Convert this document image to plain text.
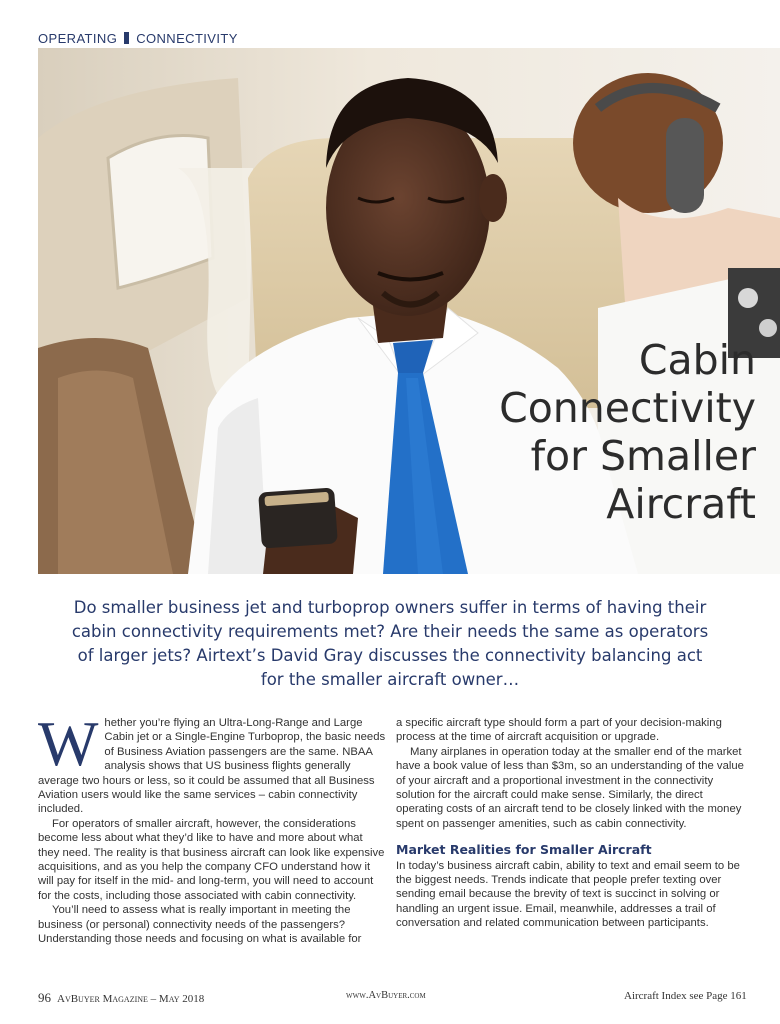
OPERATING CONNECTIVITY
Cabin
Connectivity
for Smaller
Aircraft
Do smaller business jet and turboprop owners suffer in terms of having their cabin connectivity requirements met? Are their needs the same as operators of larger jets? Airtext’s David Gray discusses the connectivity balancing act for the smaller aircraft owner…

Whether you’re flying an Ultra-Long-Range and Large Cabin jet or a Single-Engine Turboprop, the basic needs of Business Aviation passengers are the same. NBAA analysis shows that US business flights generally average two hours or less, so it could be assumed that all Business Aviation users would like the same services – cabin connectivity included.

For operators of smaller aircraft, however, the considerations become less about what they’d like to have and more about what they need. The reality is that business aircraft can look like expensive acquisitions, and as you help the company CFO understand how it will pay for itself in the mid- and long-term, you will need to account for the costs, including those associated with cabin connectivity.

You’ll need to assess what is really important in meeting the business (or personal) connectivity needs of the passengers? Understanding those needs and focusing on what is available for

a specific aircraft type should form a part of your decision-making process at the time of aircraft acquisition or upgrade.

Many airplanes in operation today at the smaller end of the market have a book value of less than $3m, so an understanding of the value of your aircraft and a proportional investment in the connectivity solution for the aircraft could make sense. Similarly, the direct operating costs of an aircraft tend to be closely linked with the money spent on passenger amenities, such as cabin connectivity.

Market Realities for Smaller Aircraft

In today’s business aircraft cabin, ability to text and email seem to be the biggest needs. Trends indicate that people prefer texting over sending email because the brevity of text is succinct in solving or handling an urgent issue. Email, meanwhile, addresses a trail of conversation and related communication between participants.

96 AvBuyer Magazine – May 2018	www.AvBuyer.com	Aircraft Index see Page 161
